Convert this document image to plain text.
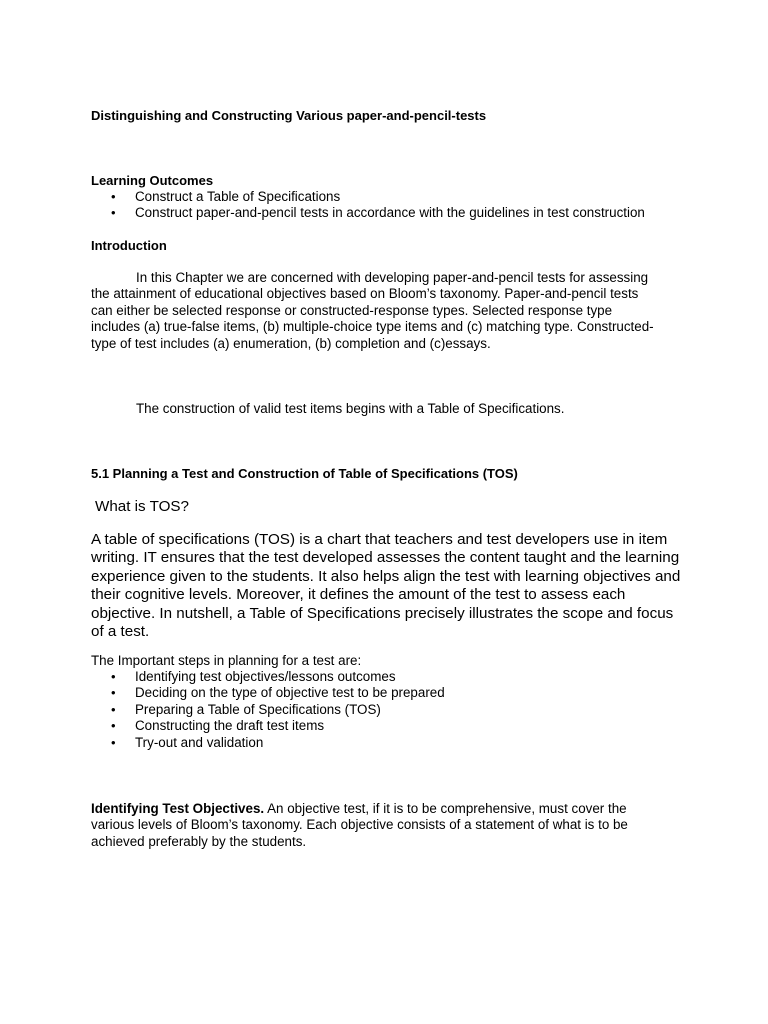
Distinguishing and Constructing Various paper-and-pencil-tests
Learning Outcomes
• Construct a Table of Specifications
• Construct paper-and-pencil tests in accordance with the guidelines in test construction
Introduction
In this Chapter we are concerned with developing paper-and-pencil tests for assessing
the attainment of educational objectives based on Bloom’s taxonomy. Paper-and-pencil tests
can either be selected response or constructed-response types. Selected response type
includes (a) true-false items, (b) multiple-choice type items and (c) matching type. Constructed-
type of test includes (a) enumeration, (b) completion and (c)essays.
The construction of valid test items begins with a Table of Specifications.
5.1 Planning a Test and Construction of Table of Specifications (TOS)
What is TOS?
A table of specifications (TOS) is a chart that teachers and test developers use in item
writing. IT ensures that the test developed assesses the content taught and the learning
experience given to the students. It also helps align the test with learning objectives and
their cognitive levels. Moreover, it defines the amount of the test to assess each
objective. In nutshell, a Table of Specifications precisely illustrates the scope and focus
of a test.
The Important steps in planning for a test are:
• Identifying test objectives/lessons outcomes
• Deciding on the type of objective test to be prepared
• Preparing a Table of Specifications (TOS)
• Constructing the draft test items
• Try-out and validation
Identifying Test Objectives. An objective test, if it is to be comprehensive, must cover the
various levels of Bloom’s taxonomy. Each objective consists of a statement of what is to be
achieved preferably by the students.
